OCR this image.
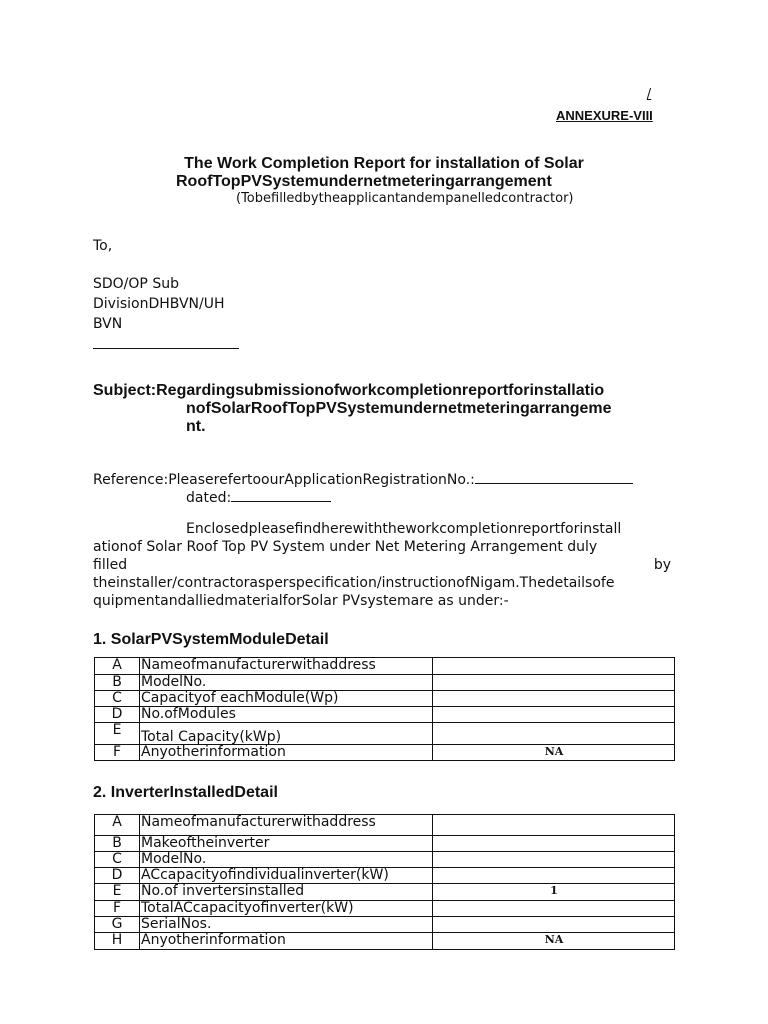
/
ANNEXURE-VIII
The Work Completion Report for installation of Solar
RoofTopPVSystemundernetmeteringarrangement
(Tobefilledbytheapplicantandempanelledcontractor)
To,
SDO/OP Sub
DivisionDHBVN/UH
BVN
Subject:Regardingsubmissionofworkcompletionreportforinstallatio
nofSolarRoofTopPVSystemundernetmeteringarrangeme
nt.
Reference:PleaserefertoourApplicationRegistrationNo.:
dated:
Enclosedpleasefindherewiththeworkcompletionreportforinstall
ationof Solar Roof Top PV System under Net Metering Arrangement duly
filled	by
theinstaller/contractorasperspecification/instructionofNigam.Thedetailsofe
quipmentandalliedmaterialforSolar PVsystemare as under:-
1. SolarPVSystemModuleDetail
A	Nameofmanufacturerwithaddress	
B	ModelNo.	
C	Capacityof eachModule(Wp)	
D	No.ofModules	
E	Total Capacity(kWp)	
F	Anyotherinformation	NA
2. InverterInstalledDetail
A	Nameofmanufacturerwithaddress	
B	Makeoftheinverter	
C	ModelNo.	
D	ACcapacityofindividualinverter(kW)	
E	No.of invertersinstalled	1
F	TotalACcapacityofinverter(kW)	
G	SerialNos.	
H	Anyotherinformation	NA
